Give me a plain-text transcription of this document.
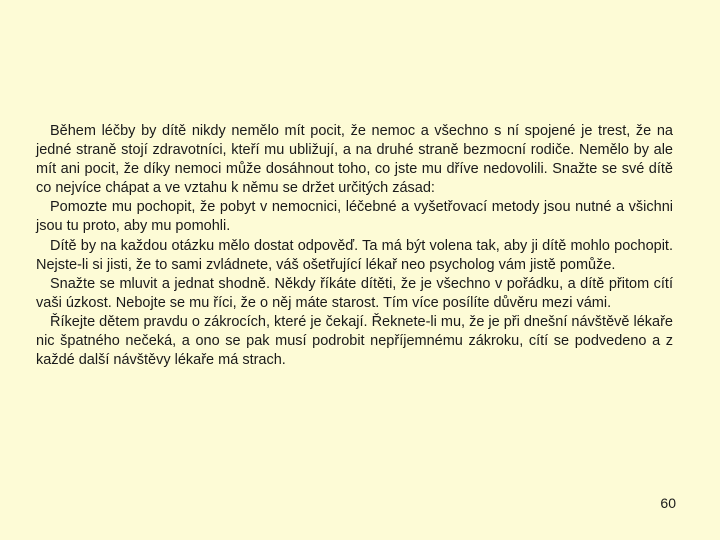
Během léčby by dítě nikdy nemělo mít pocit, že nemoc a všechno s ní spojené je trest, že na jedné straně stojí zdravotníci, kteří mu ubližují, a na druhé straně bezmocní rodiče. Nemělo by ale mít ani pocit, že díky nemoci může dosáhnout toho, co jste mu dříve nedovolili. Snažte se své dítě co nejvíce chápat a ve vztahu k němu se držet určitých zásad:

Pomozte mu pochopit, že pobyt v nemocnici, léčebné a vyšetřovací metody jsou nutné a všichni jsou tu proto, aby mu pomohli.

Dítě by na každou otázku mělo dostat odpověď. Ta má být volena tak, aby ji dítě mohlo pochopit. Nejste-li si jisti, že to sami zvládnete, váš ošetřující lékař neo psycholog vám jistě pomůže.

Snažte se mluvit a jednat shodně. Někdy říkáte dítěti, že je všechno v pořádku, a dítě přitom cítí vaši úzkost. Nebojte se mu říci, že o něj máte starost. Tím více posílíte důvěru mezi vámi.

Říkejte dětem pravdu o zákrocích, které je čekají. Řeknete-li mu, že je při dnešní návštěvě lékaře nic špatného nečeká, a ono se pak musí podrobit nepříjemnému zákroku, cítí se podvedeno a z každé další návštěvy lékaře má strach.

60
